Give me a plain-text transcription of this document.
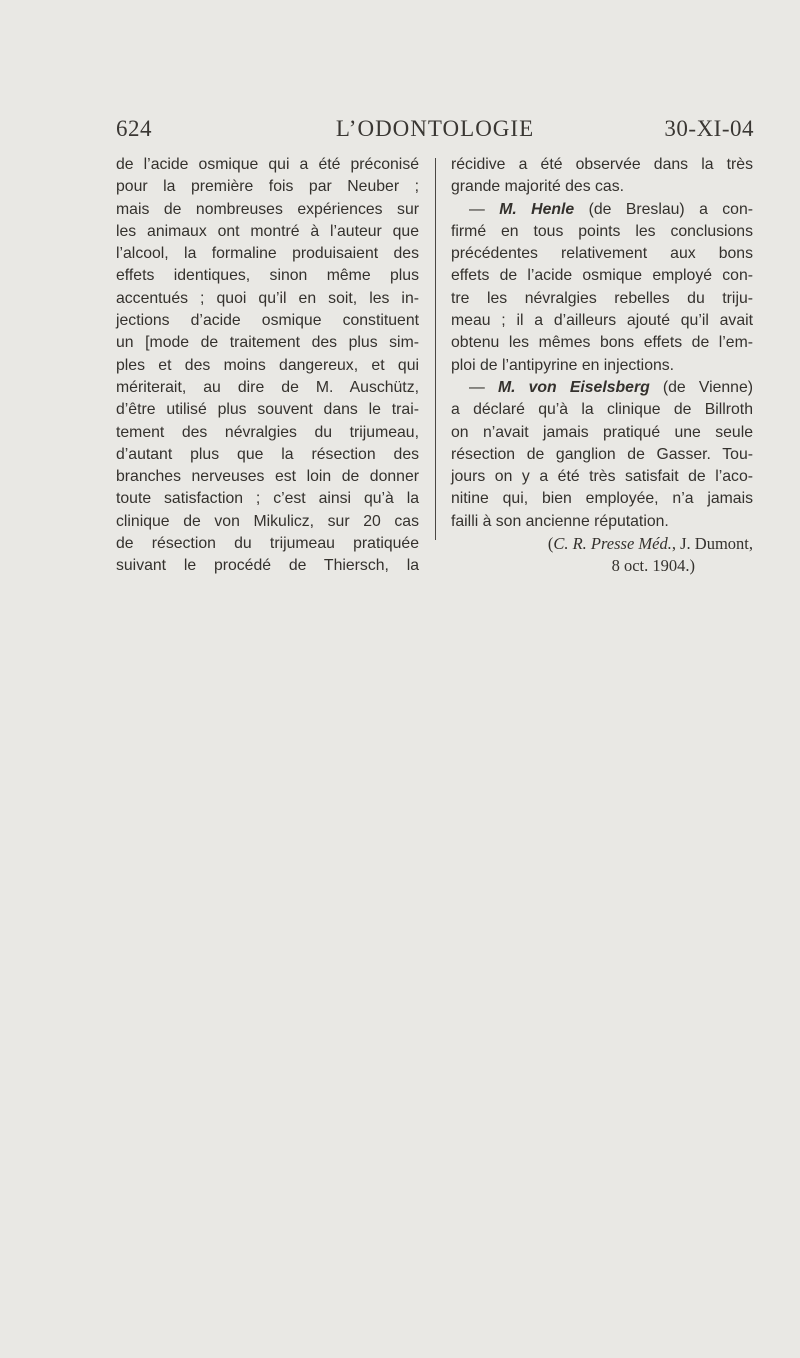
624	L’ODONTOLOGIE	30-XI-04
de l’acide osmique qui a été préconisé
pour la première fois par Neuber ;
mais de nombreuses expériences sur
les animaux ont montré à l’auteur que
l’alcool, la formaline produisaient des
effets identiques, sinon même plus
accentués ; quoi qu’il en soit, les in-
jections d’acide osmique constituent
un [mode de traitement des plus sim-
ples et des moins dangereux, et qui
mériterait, au dire de M. Auschütz,
d’être utilisé plus souvent dans le trai-
tement des névralgies du trijumeau,
d’autant plus que la résection des
branches nerveuses est loin de donner
toute satisfaction ; c’est ainsi qu’à la
clinique de von Mikulicz, sur 20 cas
de résection du trijumeau pratiquée
suivant le procédé de Thiersch, la
récidive a été observée dans la très
grande majorité des cas.
— M. Henle (de Breslau) a con-
firmé en tous points les conclusions
précédentes relativement aux bons
effets de l’acide osmique employé con-
tre les névralgies rebelles du triju-
meau ; il a d’ailleurs ajouté qu’il avait
obtenu les mêmes bons effets de l’em-
ploi de l’antipyrine en injections.
— M. von Eiselsberg (de Vienne)
a déclaré qu’à la clinique de Billroth
on n’avait jamais pratiqué une seule
résection de ganglion de Gasser. Tou-
jours on y a été très satisfait de l’aco-
nitine qui, bien employée, n’a jamais
failli à son ancienne réputation.
(C. R. Presse Méd., J. Dumont,
8 oct. 1904.)
